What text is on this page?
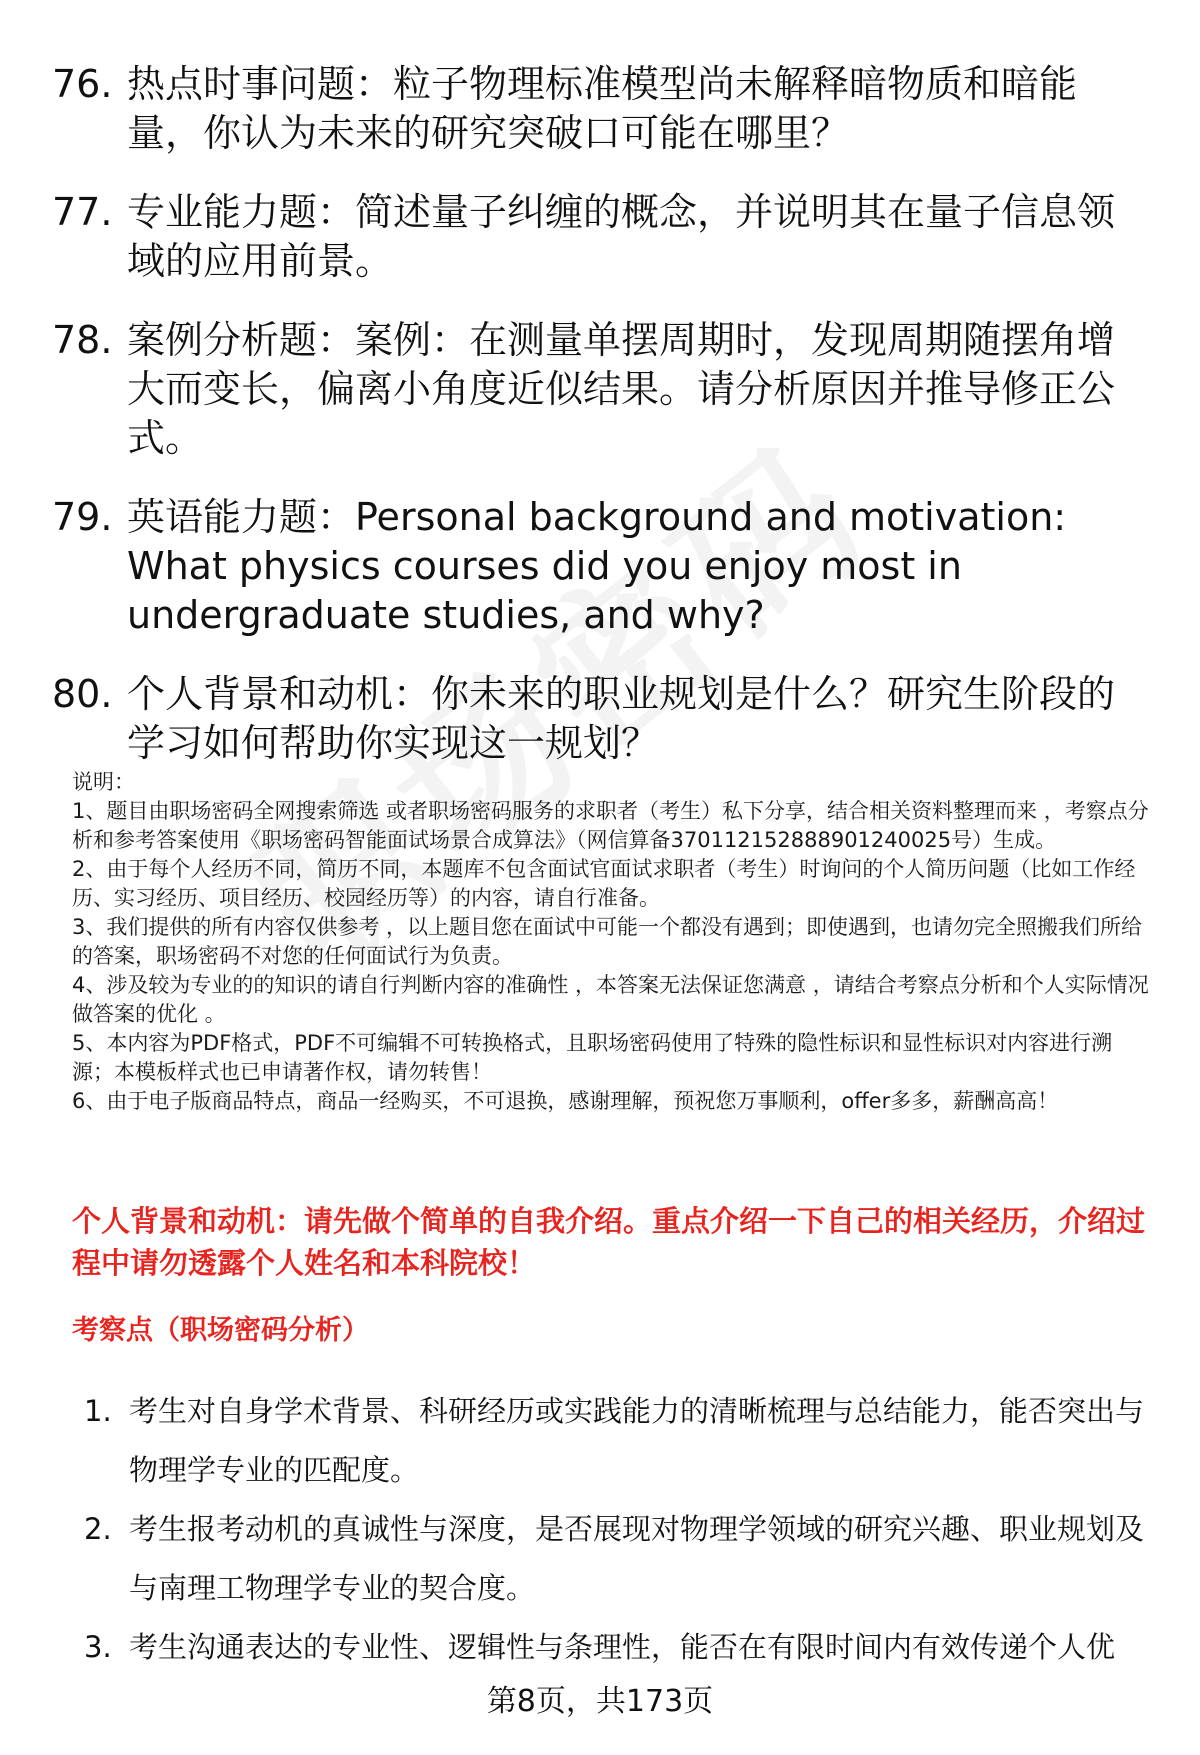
76. 热点时事问题：粒子物理标准模型尚未解释暗物质和暗能量，你认为未来的研究突破口可能在哪里？
77. 专业能力题：简述量子纠缠的概念，并说明其在量子信息领域的应用前景。
78. 案例分析题：案例：在测量单摆周期时，发现周期随摆角增大而变长，偏离小角度近似结果。请分析原因并推导修正公式。
79. 英语能力题：Personal background and motivation: What physics courses did you enjoy most in undergraduate studies, and why?
80. 个人背景和动机：你未来的职业规划是什么？研究生阶段的学习如何帮助你实现这一规划？

说明：

1、题目由职场密码全网搜索筛选 或者职场密码服务的求职者（考生）私下分享，结合相关资料整理而来 ，考察点分析和参考答案使用《职场密码智能面试场景合成算法》（网信算备370112152888901240025号）生成。

2、由于每个人经历不同，简历不同，本题库不包含面试官面试求职者（考生）时询问的个人简历问题（比如工作经历、实习经历、项目经历、校园经历等）的内容，请自行准备。

3、我们提供的所有内容仅供参考 ，以上题目您在面试中可能一个都没有遇到；即使遇到，也请勿完全照搬我们所给的答案，职场密码不对您的任何面试行为负责。

4、涉及较为专业的的知识的请自行判断内容的准确性 ，本答案无法保证您满意 ，请结合考察点分析和个人实际情况做答案的优化 。

5、本内容为PDF格式，PDF不可编辑不可转换格式，且职场密码使用了特殊的隐性标识和显性标识对内容进行溯源；本模板样式也已申请著作权，请勿转售！

6、由于电子版商品特点，商品一经购买，不可退换，感谢理解，预祝您万事顺利，offer多多，薪酬高高！

个人背景和动机：请先做个简单的自我介绍。重点介绍一下自己的相关经历，介绍过程中请勿透露个人姓名和本科院校！
考察点（职场密码分析）
1. 考生对自身学术背景、科研经历或实践能力的清晰梳理与总结能力，能否突出与物理学专业的匹配度。
2. 考生报考动机的真诚性与深度，是否展现对物理学领域的研究兴趣、职业规划及与南理工物理学专业的契合度。
3. 考生沟通表达的专业性、逻辑性与条理性，能否在有限时间内有效传递个人优
第8页，共173页
